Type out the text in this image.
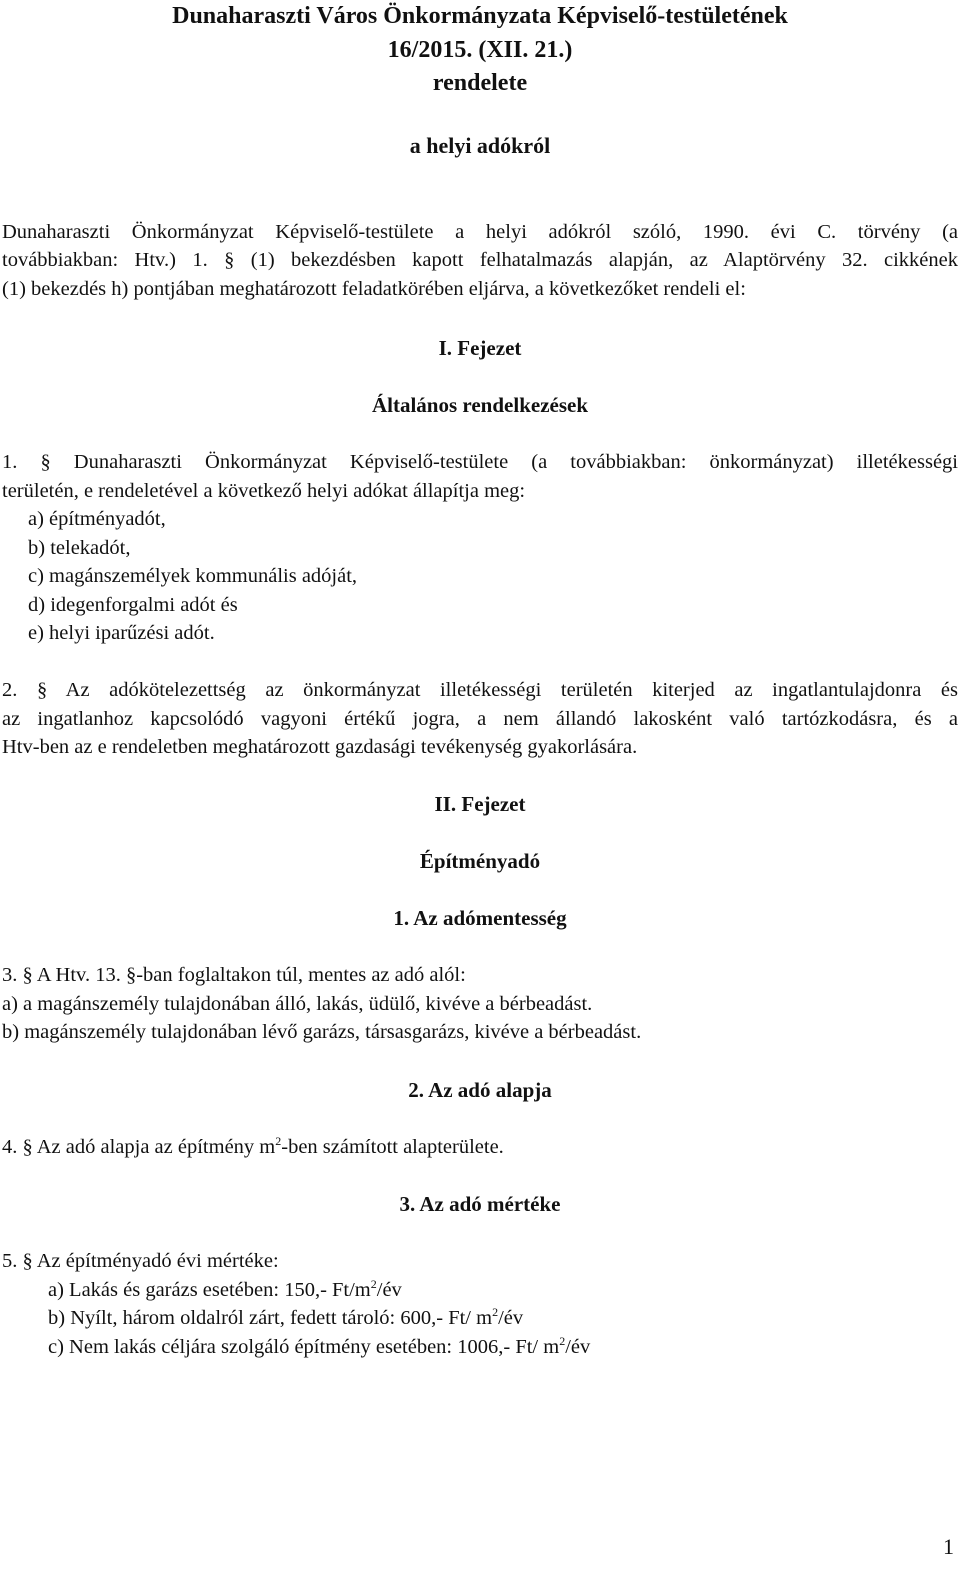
Dunaharaszti Város Önkormányzata Képviselő-testületének
16/2015. (XII. 21.)
rendelete
a helyi adókról
Dunaharaszti Önkormányzat Képviselő-testülete a helyi adókról szóló, 1990. évi C. törvény (a
továbbiakban: Htv.) 1. § (1) bekezdésben kapott felhatalmazás alapján, az Alaptörvény 32. cikkének
(1) bekezdés h) pontjában meghatározott feladatkörében eljárva, a következőket rendeli el:
I. Fejezet
Általános rendelkezések
1. § Dunaharaszti Önkormányzat Képviselő-testülete (a továbbiakban: önkormányzat) illetékességi
területén, e rendeletével a következő helyi adókat állapítja meg:
a) építményadót,
b) telekadót,
c) magánszemélyek kommunális adóját,
d) idegenforgalmi adót és
e) helyi iparűzési adót.
2. § Az adókötelezettség az önkormányzat illetékességi területén kiterjed az ingatlantulajdonra és
az ingatlanhoz kapcsolódó vagyoni értékű jogra, a nem állandó lakosként való tartózkodásra, és a
Htv-ben az e rendeletben meghatározott gazdasági tevékenység gyakorlására.
II. Fejezet
Építményadó
1. Az adómentesség
3. § A Htv. 13. §-ban foglaltakon túl, mentes az adó alól:
a) a magánszemély tulajdonában álló, lakás, üdülő, kivéve a bérbeadást.
b) magánszemély tulajdonában lévő garázs, társasgarázs, kivéve a bérbeadást.
2. Az adó alapja
4. § Az adó alapja az építmény $m^2$-ben számított alapterülete.
3. Az adó mértéke
5. § Az építményadó évi mértéke:
a) Lakás és garázs esetében: 150,- $Ft/m^2/év$
b) Nyílt, három oldalról zárt, fedett tároló: 600,- Ft/ $m^2/év$
c) Nem lakás céljára szolgáló építmény esetében: 1006,- Ft/ $m^2/év$
1
